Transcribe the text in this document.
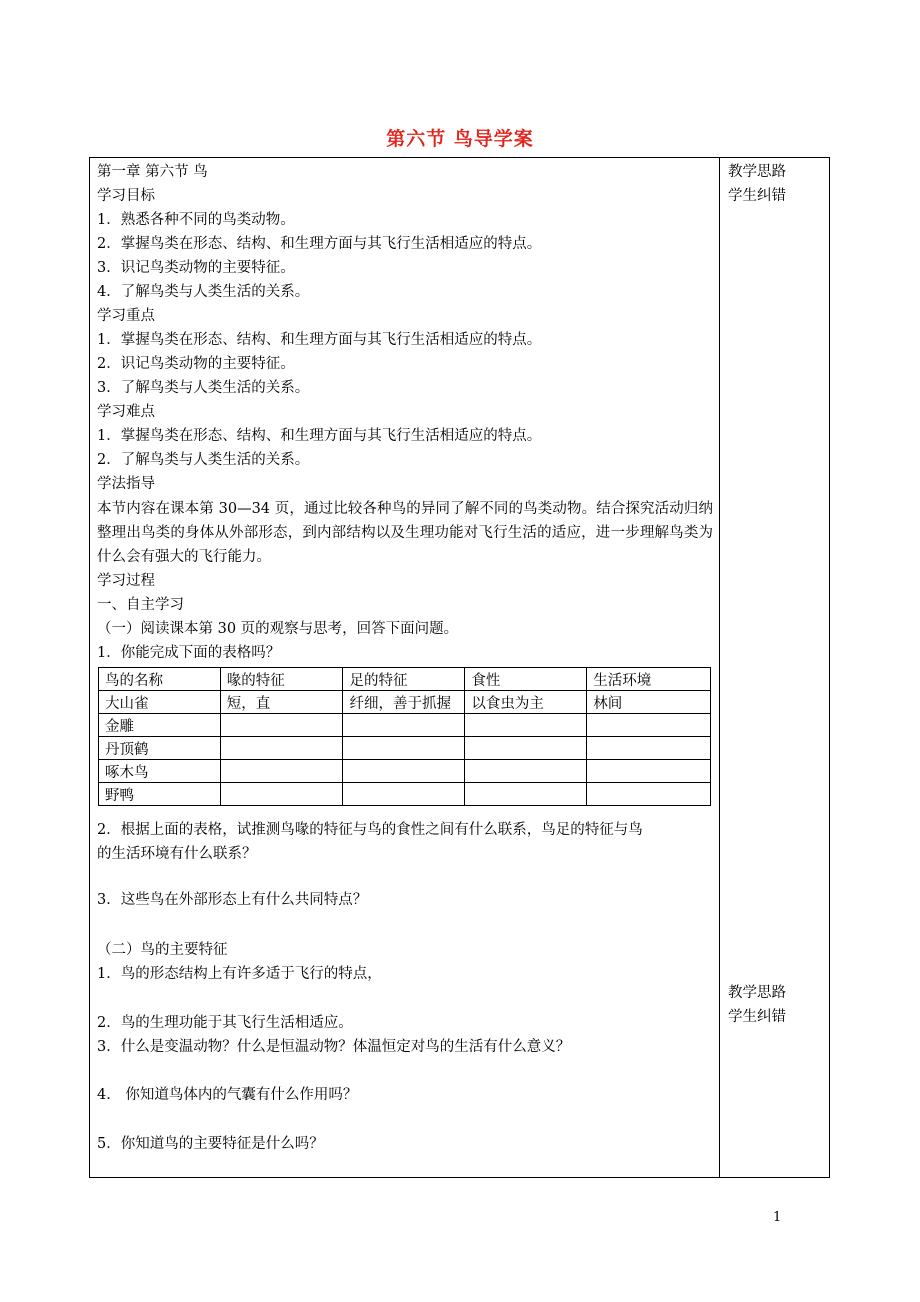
第六节 鸟导学案
教学思路
学生纠错
教学思路
学生纠错
第一章 第六节 鸟
学习目标
1．熟悉各种不同的鸟类动物。
2．掌握鸟类在形态、结构、和生理方面与其飞行生活相适应的特点。
3．识记鸟类动物的主要特征。
4．了解鸟类与人类生活的关系。
学习重点
1．掌握鸟类在形态、结构、和生理方面与其飞行生活相适应的特点。
2．识记鸟类动物的主要特征。
3．了解鸟类与人类生活的关系。
学习难点
1．掌握鸟类在形态、结构、和生理方面与其飞行生活相适应的特点。
2．了解鸟类与人类生活的关系。
学法指导
本节内容在课本第 30—34 页，通过比较各种鸟的异同了解不同的鸟类动物。结合探究活动归纳整理出鸟类的身体从外部形态，到内部结构以及生理功能对飞行生活的适应，进一步理解鸟类为什么会有强大的飞行能力。
学习过程
一、自主学习
（一）阅读课本第 30 页的观察与思考，回答下面问题。
1．你能完成下面的表格吗？
鸟的名称	喙的特征	足的特征	食性	生活环境
大山雀	短，直	纤细，善于抓握	以食虫为主	林间
金雕				
丹顶鹤				
啄木鸟				
野鸭				
2．根据上面的表格，试推测鸟喙的特征与鸟的食性之间有什么联系，鸟足的特征与鸟
的生活环境有什么联系？
3．这些鸟在外部形态上有什么共同特点？
（二）鸟的主要特征
1．鸟的形态结构上有许多适于飞行的特点，
2．鸟的生理功能于其飞行生活相适应。
3．什么是变温动物？什么是恒温动物？体温恒定对鸟的生活有什么意义？
4． 你知道鸟体内的气囊有什么作用吗？
5．你知道鸟的主要特征是什么吗？
1
